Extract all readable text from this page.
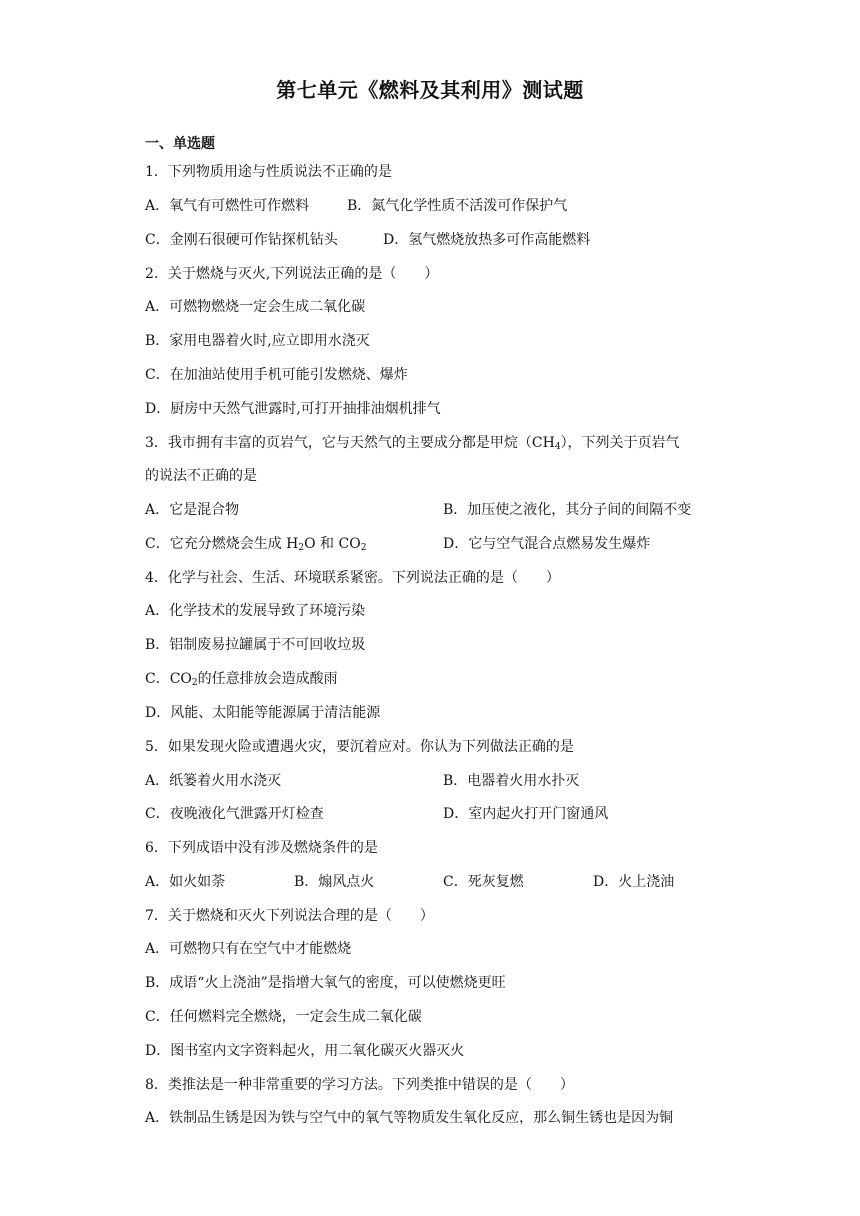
第七单元《燃料及其利用》测试题
一、单选题
1．下列物质用途与性质说法不正确的是
A．氧气有可燃性可作燃料	B．氮气化学性质不活泼可作保护气
C．金刚石很硬可作钻探机钻头	D．氢气燃烧放热多可作高能燃料
2．关于燃烧与灭火,下列说法正确的是（　　）
A．可燃物燃烧一定会生成二氧化碳
B．家用电器着火时,应立即用水浇灭
C．在加油站使用手机可能引发燃烧、爆炸
D．厨房中天然气泄露时,可打开抽排油烟机排气
3．我市拥有丰富的页岩气，它与天然气的主要成分都是甲烷$(CH_4)$，下列关于页岩气
的说法不正确的是
A．它是混合物	B．加压使之液化，其分子间的间隔不变
C．它充分燃烧会生成 $H_2O$ 和 $CO_2$	D．它与空气混合点燃易发生爆炸
4．化学与社会、生活、环境联系紧密。下列说法正确的是（　　）
A．化学技术的发展导致了环境污染
B．铝制废易拉罐属于不可回收垃圾
C．$CO_2$的任意排放会造成酸雨
D．风能、太阳能等能源属于清洁能源
5．如果发现火险或遭遇火灾，要沉着应对。你认为下列做法正确的是
A．纸篓着火用水浇灭	B．电器着火用水扑灭
C．夜晚液化气泄露开灯检查	D．室内起火打开门窗通风
6．下列成语中没有涉及燃烧条件的是
A．如火如荼	B．煽风点火	C．死灰复燃	D．火上浇油
7．关于燃烧和灭火下列说法合理的是（　　）
A．可燃物只有在空气中才能燃烧
B．成语“火上浇油”是指增大氧气的密度，可以使燃烧更旺
C．任何燃料完全燃烧，一定会生成二氧化碳
D．图书室内文字资料起火，用二氧化碳灭火器灭火
8．类推法是一种非常重要的学习方法。下列类推中错误的是（　　）
A．铁制品生锈是因为铁与空气中的氧气等物质发生氧化反应，那么铜生锈也是因为铜
